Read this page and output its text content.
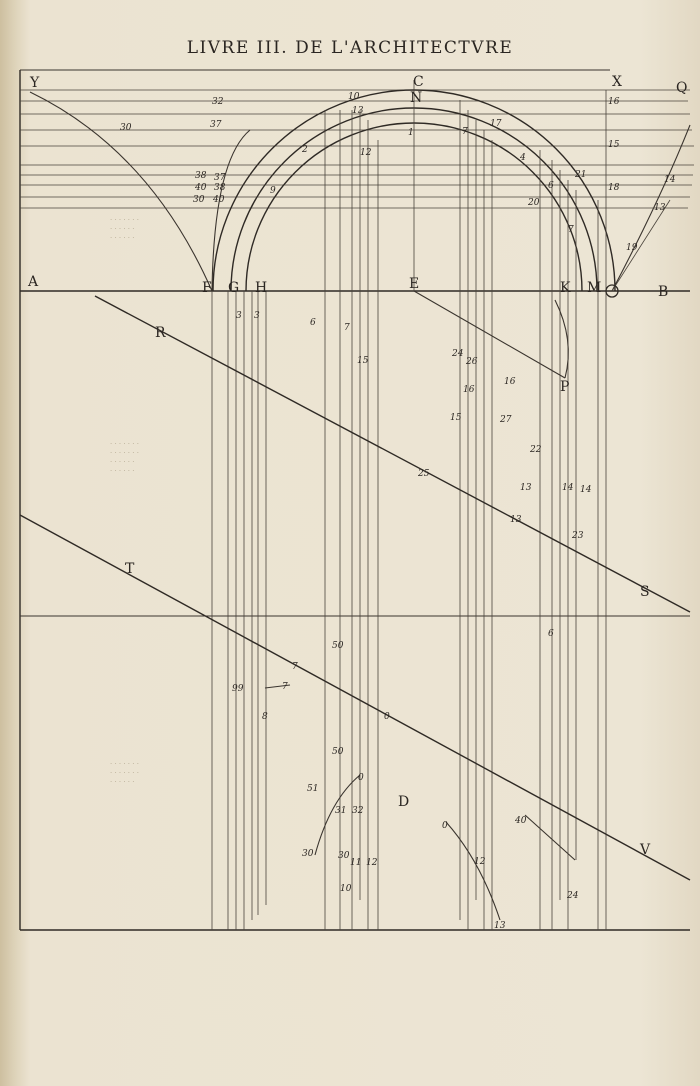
LIVRE III. DE L'ARCHITECTVRE
· · · · · · ·
· · · · · ·
· · · · · ·
· · · · · · ·
· · · · · · ·
· · · · · ·
· · · · · ·
· · · · · · ·
· · · · · · ·
· · · · · ·
Y	C	X	Q
N
A	F G H	E	K M	B
R
P
S
T
D
V
30
32
37
38
40
30
37
38
40
10
13
1
2	12
9
17
7
4
6
20
21
16
15
14
18
13
19
7
3 3
6	7
15
24
26
16
16
15	27
22
13	14 14
25
13
23
6
50
7
99	7
8	0
50
51
0
32
31
30	30
11 12
10
0
12
13
40
24
